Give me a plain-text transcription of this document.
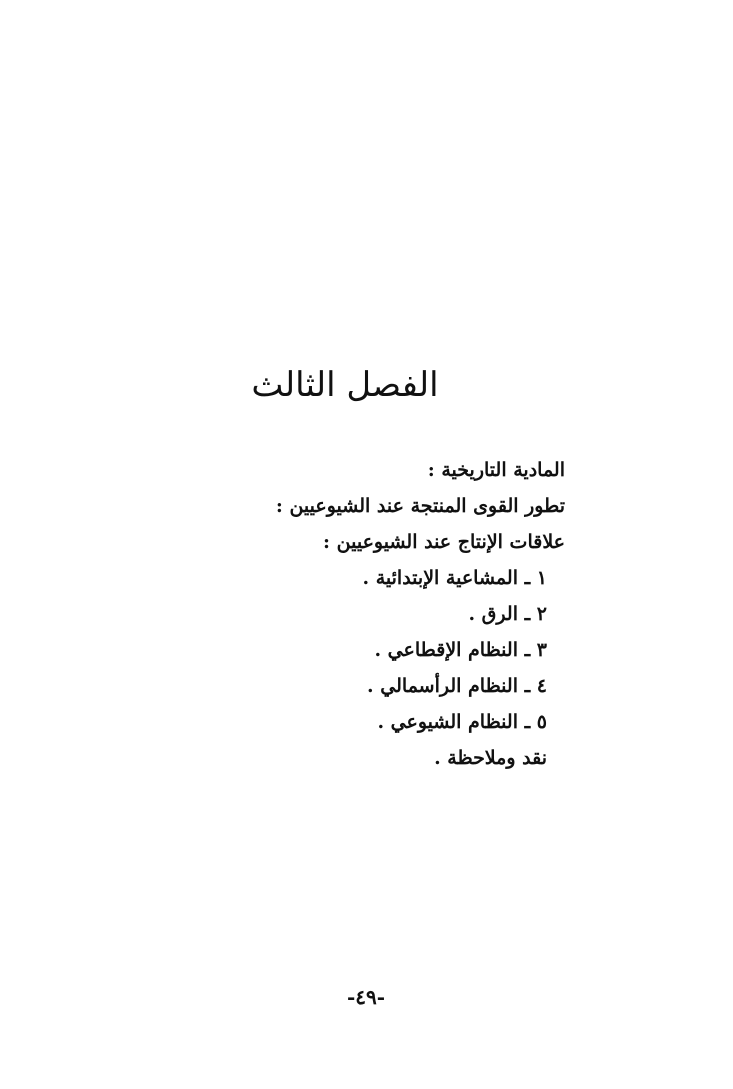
الفصل الثالث
المادية التاريخية :
تطور القوى المنتجة عند الشيوعيين :
علاقات الإنتاج عند الشيوعيين :
١ ـ المشاعية الإبتدائية .
٢ ـ الرق .
٣ ـ النظام الإقطاعي .
٤ ـ النظام الرأسمالي .
٥ ـ النظام الشيوعي .
نقد وملاحظة .
-٤٩-
